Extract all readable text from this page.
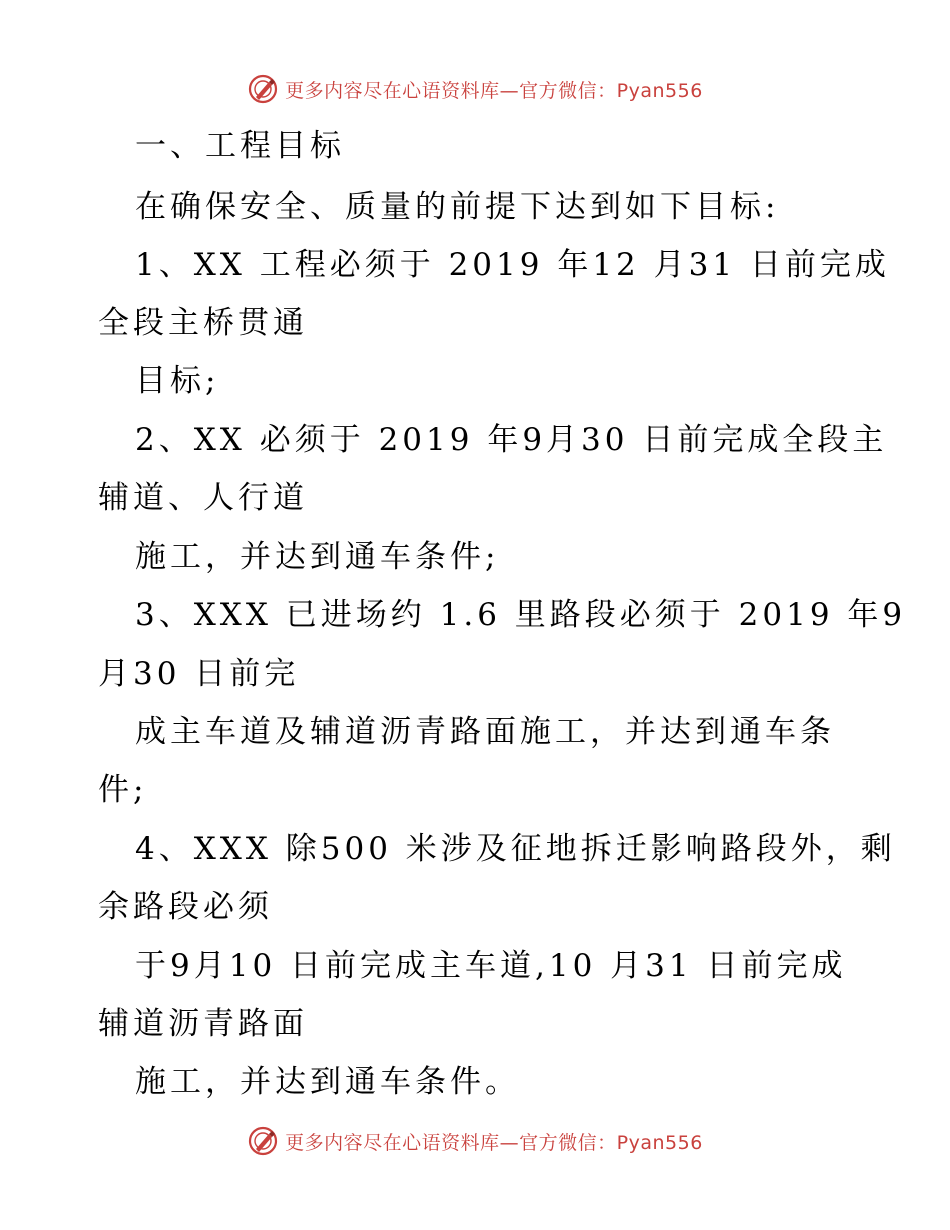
更多内容尽在心语资料库—官方微信：Pyan556
一、工程目标
在确保安全、质量的前提下达到如下目标:
1、XX 工程必须于 2019 年12 月31 日前完成
全段主桥贯通
目标;
2、XX 必须于 2019 年9月30 日前完成全段主
辅道、人行道
施工，并达到通车条件;
3、XXX 已进场约 1.6 里路段必须于 2019 年9
月30 日前完
成主车道及辅道沥青路面施工，并达到通车条
件;
4、XXX 除500 米涉及征地拆迁影响路段外，剩
余路段必须
于9月10 日前完成主车道,10 月31 日前完成
辅道沥青路面
施工，并达到通车条件。
更多内容尽在心语资料库—官方微信：Pyan556
